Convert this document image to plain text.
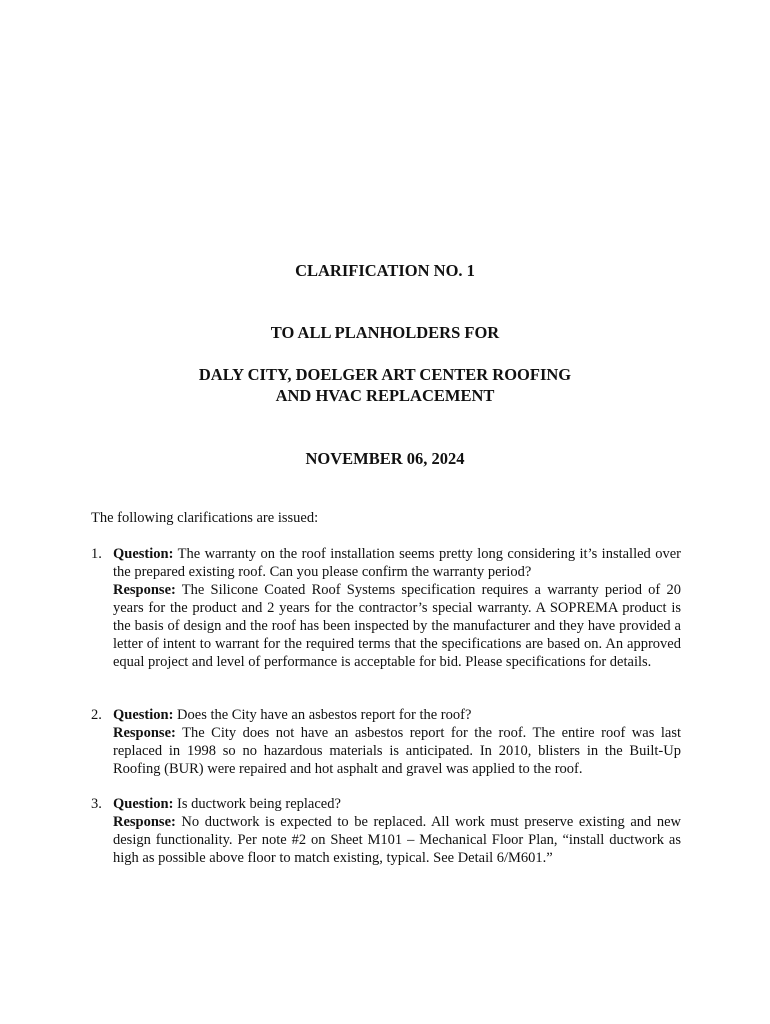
CLARIFICATION NO. 1
TO ALL PLANHOLDERS FOR
DALY CITY, DOELGER ART CENTER ROOFING
AND HVAC REPLACEMENT
NOVEMBER 06, 2024
The following clarifications are issued:
1. Question: The warranty on the roof installation seems pretty long considering it’s installed over the prepared existing roof. Can you please confirm the warranty period?
Response: The Silicone Coated Roof Systems specification requires a warranty period of 20 years for the product and 2 years for the contractor’s special warranty. A SOPREMA product is the basis of design and the roof has been inspected by the manufacturer and they have provided a letter of intent to warrant for the required terms that the specifications are based on. An approved equal project and level of performance is acceptable for bid. Please specifications for details.
2. Question: Does the City have an asbestos report for the roof?
Response: The City does not have an asbestos report for the roof. The entire roof was last replaced in 1998 so no hazardous materials is anticipated. In 2010, blisters in the Built-Up Roofing (BUR) were repaired and hot asphalt and gravel was applied to the roof.
3. Question: Is ductwork being replaced?
Response: No ductwork is expected to be replaced. All work must preserve existing and new design functionality. Per note #2 on Sheet M101 – Mechanical Floor Plan, “install ductwork as high as possible above floor to match existing, typical. See Detail 6/M601.”
